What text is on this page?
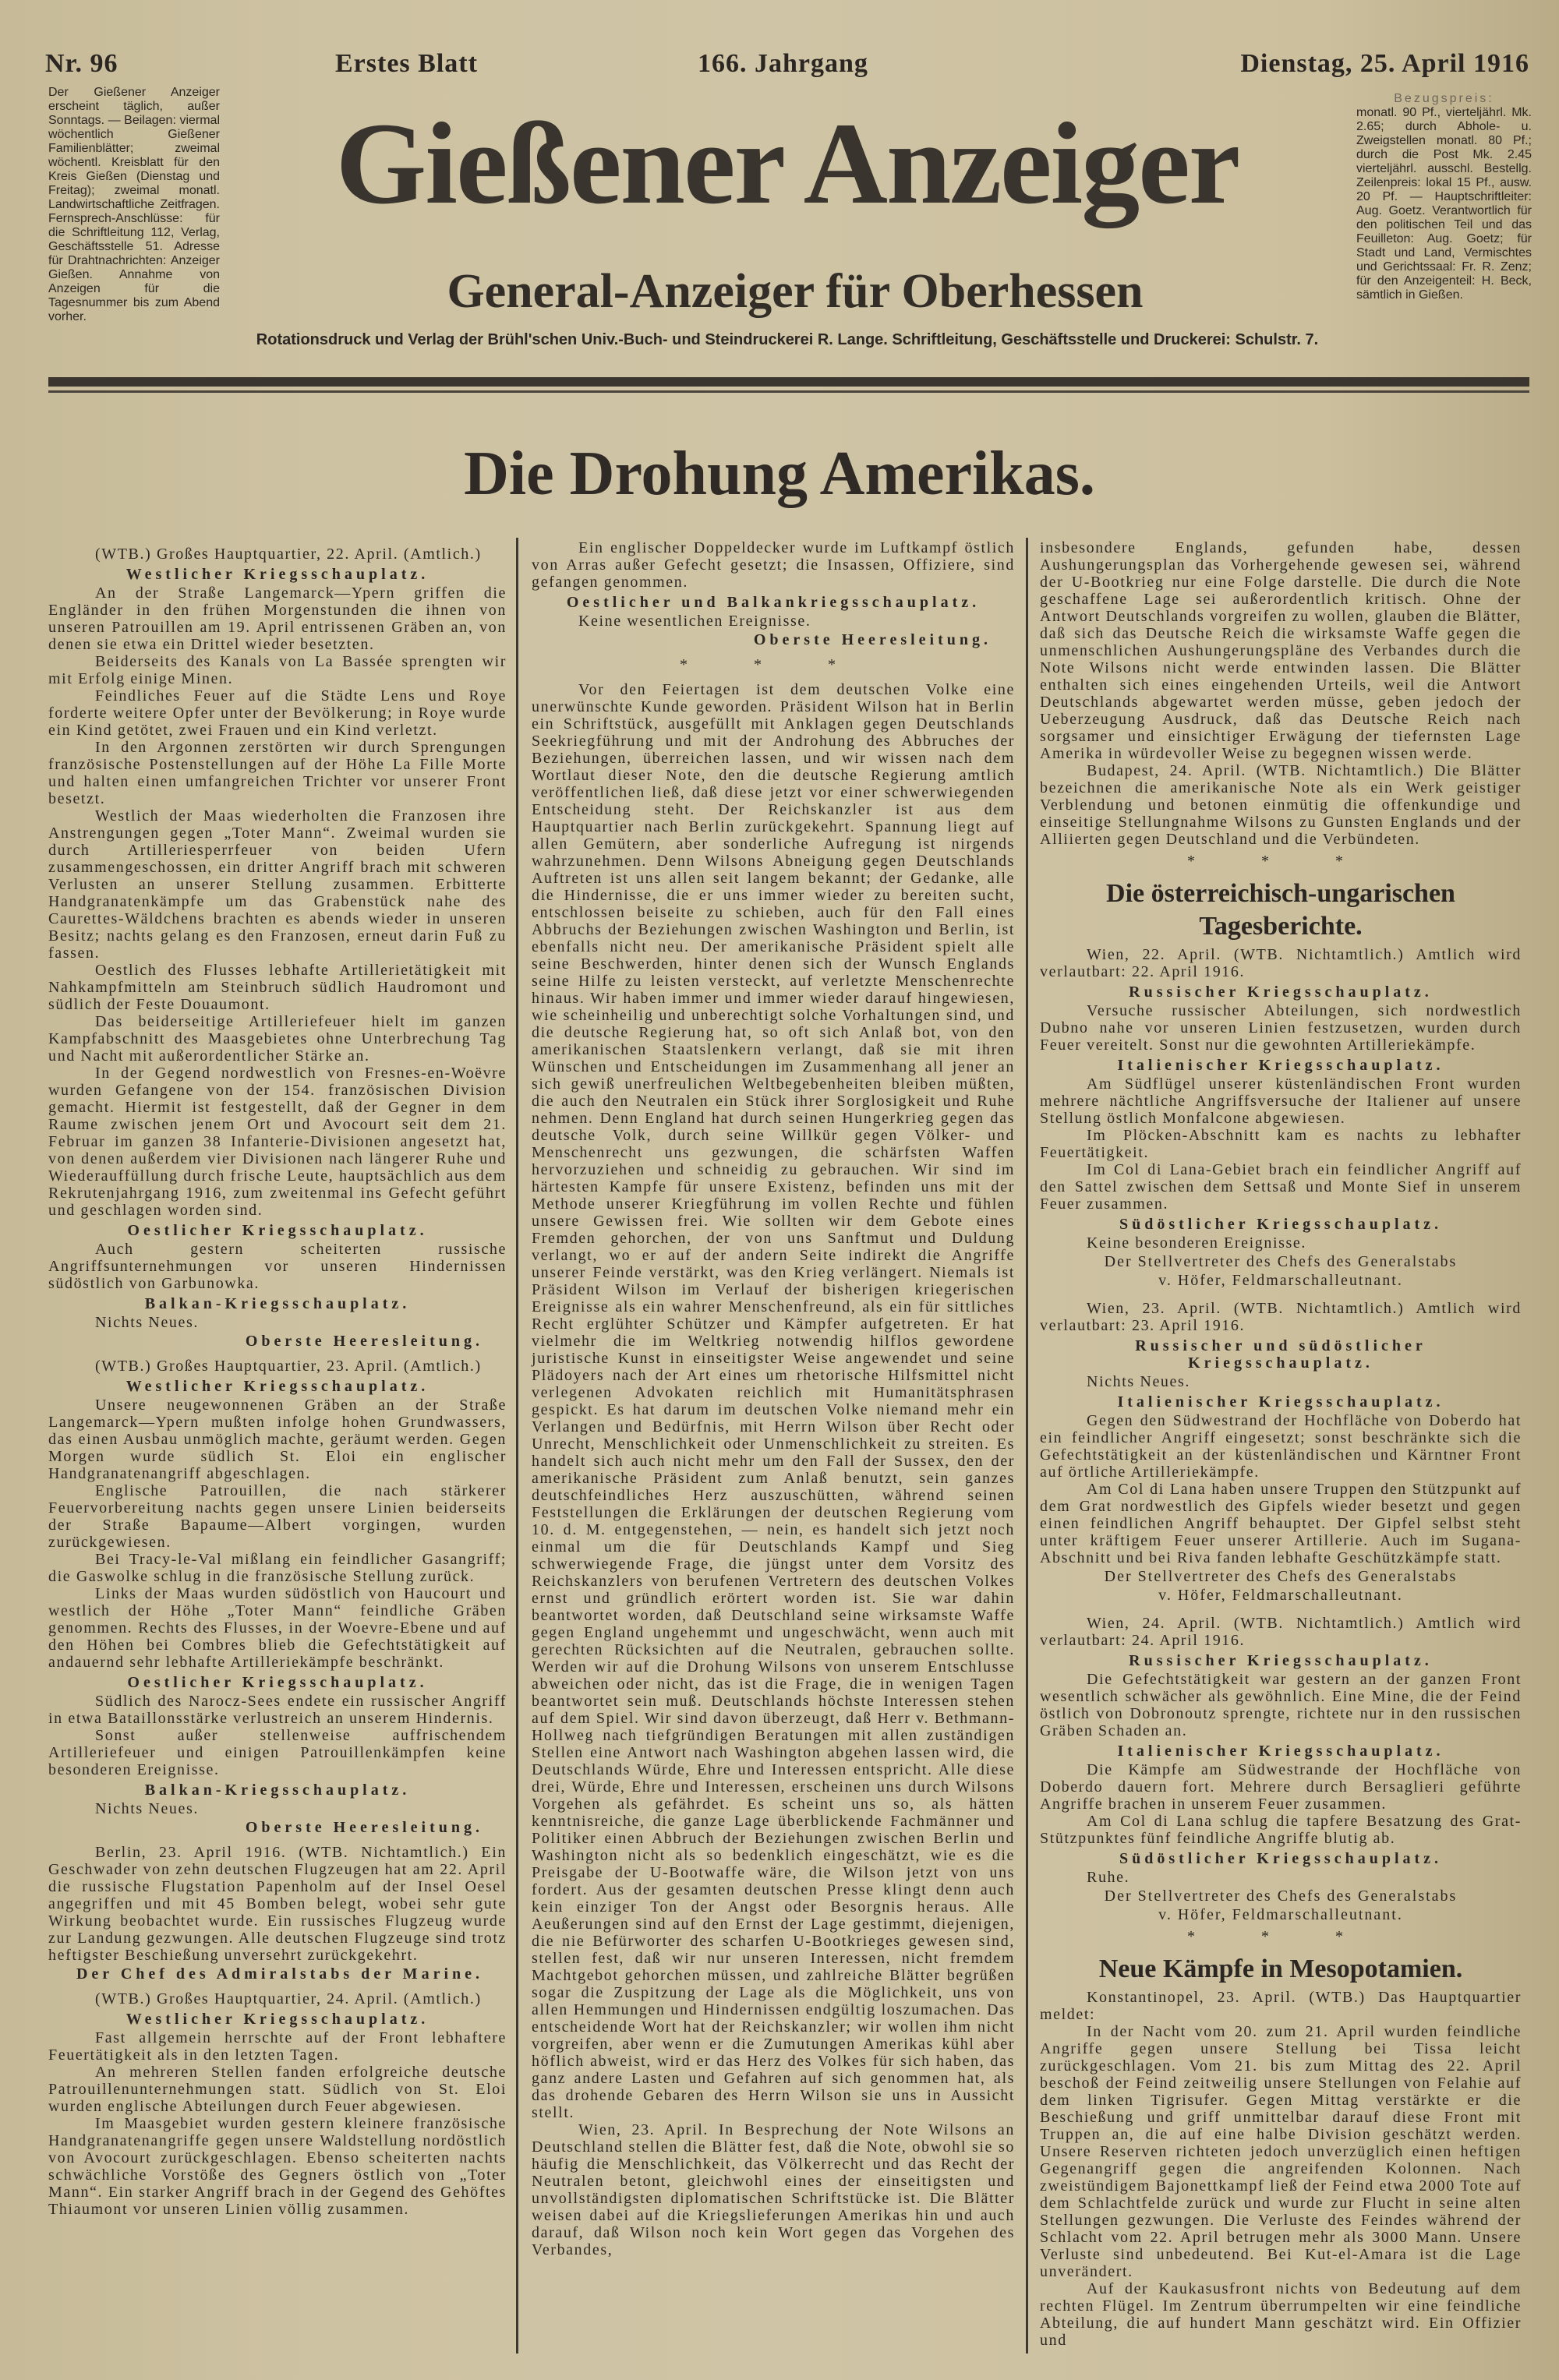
Nr. 96	Erstes Blatt	166. Jahrgang	Dienstag, 25. April 1916
Der Gießener Anzeiger erscheint täglich, außer Sonntags. — Beilagen: viermal wöchentlich Gießener Familienblätter; zweimal wöchentl. Kreisblatt für den Kreis Gießen (Dienstag und Freitag); zweimal monatl. Landwirtschaftliche Zeitfragen. Fernsprech-Anschlüsse: für die Schriftleitung 112, Verlag, Geschäftsstelle 51. Adresse für Drahtnachrichten: Anzeiger Gießen. Annahme von Anzeigen für die Tagesnummer bis zum Abend vorher.
Bezugspreis:
monatl. 90 Pf., vierteljährl. Mk. 2.65; durch Abhole- u. Zweigstellen monatl. 80 Pf.; durch die Post Mk. 2.45 vierteljährl. ausschl. Bestellg. Zeilenpreis: lokal 15 Pf., ausw. 20 Pf. — Hauptschriftleiter: Aug. Goetz. Verantwortlich für den politischen Teil und das Feuilleton: Aug. Goetz; für Stadt und Land, Vermischtes und Gerichtssaal: Fr. R. Zenz; für den Anzeigenteil: H. Beck, sämtlich in Gießen.
Gießener Anzeiger
General-Anzeiger für Oberhessen
Rotationsdruck und Verlag der Brühl'schen Univ.-Buch- und Steindruckerei R. Lange. Schriftleitung, Geschäftsstelle und Druckerei: Schulstr. 7.
Die Drohung Amerikas.

(WTB.) Großes Hauptquartier, 22. April. (Amtlich.)

Westlicher Kriegsschauplatz.

An der Straße Langemarck—Ypern griffen die Engländer in den frühen Morgenstunden die ihnen von unseren Patrouillen am 19. April entrissenen Gräben an, von denen sie etwa ein Drittel wieder besetzten.

Beiderseits des Kanals von La Bassée sprengten wir mit Erfolg einige Minen.

Feindliches Feuer auf die Städte Lens und Roye forderte weitere Opfer unter der Bevölkerung; in Roye wurde ein Kind getötet, zwei Frauen und ein Kind verletzt.

In den Argonnen zerstörten wir durch Sprengungen französische Postenstellungen auf der Höhe La Fille Morte und halten einen umfangreichen Trichter vor unserer Front besetzt.

Westlich der Maas wiederholten die Franzosen ihre Anstrengungen gegen „Toter Mann“. Zweimal wurden sie durch Artilleriesperrfeuer von beiden Ufern zusammengeschossen, ein dritter Angriff brach mit schweren Verlusten an unserer Stellung zusammen. Erbitterte Handgranatenkämpfe um das Grabenstück nahe des Caurettes-Wäldchens brachten es abends wieder in unseren Besitz; nachts gelang es den Franzosen, erneut darin Fuß zu fassen.

Oestlich des Flusses lebhafte Artillerietätigkeit mit Nahkampfmitteln am Steinbruch südlich Haudromont und südlich der Feste Douaumont.

Das beiderseitige Artilleriefeuer hielt im ganzen Kampfabschnitt des Maasgebietes ohne Unterbrechung Tag und Nacht mit außerordentlicher Stärke an.

In der Gegend nordwestlich von Fresnes-en-Woëvre wurden Gefangene von der 154. französischen Division gemacht. Hiermit ist festgestellt, daß der Gegner in dem Raume zwischen jenem Ort und Avocourt seit dem 21. Februar im ganzen 38 Infanterie-Divisionen angesetzt hat, von denen außerdem vier Divisionen nach längerer Ruhe und Wiederauffüllung durch frische Leute, hauptsächlich aus dem Rekrutenjahrgang 1916, zum zweitenmal ins Gefecht geführt und geschlagen worden sind.

Oestlicher Kriegsschauplatz.

Auch gestern scheiterten russische Angriffsunternehmungen vor unseren Hindernissen südöstlich von Garbunowka.

Balkan-Kriegsschauplatz.

Nichts Neues.

Oberste Heeresleitung.

(WTB.) Großes Hauptquartier, 23. April. (Amtlich.)

Westlicher Kriegsschauplatz.

Unsere neugewonnenen Gräben an der Straße Langemarck—Ypern mußten infolge hohen Grundwassers, das einen Ausbau unmöglich machte, geräumt werden. Gegen Morgen wurde südlich St. Eloi ein englischer Handgranatenangriff abgeschlagen.

Englische Patrouillen, die nach stärkerer Feuervorbereitung nachts gegen unsere Linien beiderseits der Straße Bapaume—Albert vorgingen, wurden zurückgewiesen.

Bei Tracy-le-Val mißlang ein feindlicher Gasangriff; die Gaswolke schlug in die französische Stellung zurück.

Links der Maas wurden südöstlich von Haucourt und westlich der Höhe „Toter Mann“ feindliche Gräben genommen. Rechts des Flusses, in der Woevre-Ebene und auf den Höhen bei Combres blieb die Gefechtstätigkeit auf andauernd sehr lebhafte Artilleriekämpfe beschränkt.

Oestlicher Kriegsschauplatz.

Südlich des Narocz-Sees endete ein russischer Angriff in etwa Bataillonsstärke verlustreich an unserem Hindernis.

Sonst außer stellenweise auffrischendem Artilleriefeuer und einigen Patrouillenkämpfen keine besonderen Ereignisse.

Balkan-Kriegsschauplatz.

Nichts Neues.

Oberste Heeresleitung.

Berlin, 23. April 1916. (WTB. Nichtamtlich.) Ein Geschwader von zehn deutschen Flugzeugen hat am 22. April die russische Flugstation Papenholm auf der Insel Oesel angegriffen und mit 45 Bomben belegt, wobei sehr gute Wirkung beobachtet wurde. Ein russisches Flugzeug wurde zur Landung gezwungen. Alle deutschen Flugzeuge sind trotz heftigster Beschießung unversehrt zurückgekehrt.

Der Chef des Admiralstabs der Marine.

(WTB.) Großes Hauptquartier, 24. April. (Amtlich.)

Westlicher Kriegsschauplatz.

Fast allgemein herrschte auf der Front lebhaftere Feuertätigkeit als in den letzten Tagen.

An mehreren Stellen fanden erfolgreiche deutsche Patrouillenunternehmungen statt. Südlich von St. Eloi wurden englische Abteilungen durch Feuer abgewiesen.

Im Maasgebiet wurden gestern kleinere französische Handgranatenangriffe gegen unsere Waldstellung nordöstlich von Avocourt zurückgeschlagen. Ebenso scheiterten nachts schwächliche Vorstöße des Gegners östlich von „Toter Mann“. Ein starker Angriff brach in der Gegend des Gehöftes Thiaumont vor unseren Linien völlig zusammen.

Ein englischer Doppeldecker wurde im Luftkampf östlich von Arras außer Gefecht gesetzt; die Insassen, Offiziere, sind gefangen genommen.

Oestlicher und Balkankriegsschauplatz.

Keine wesentlichen Ereignisse.

Oberste Heeresleitung.
* * *

Vor den Feiertagen ist dem deutschen Volke eine unerwünschte Kunde geworden. Präsident Wilson hat in Berlin ein Schriftstück, ausgefüllt mit Anklagen gegen Deutschlands Seekriegführung und mit der Androhung des Abbruches der Beziehungen, überreichen lassen, und wir wissen nach dem Wortlaut dieser Note, den die deutsche Regierung amtlich veröffentlichen ließ, daß diese jetzt vor einer schwerwiegenden Entscheidung steht. Der Reichskanzler ist aus dem Hauptquartier nach Berlin zurückgekehrt. Spannung liegt auf allen Gemütern, aber sonderliche Aufregung ist nirgends wahrzunehmen. Denn Wilsons Abneigung gegen Deutschlands Auftreten ist uns allen seit langem bekannt; der Gedanke, alle die Hindernisse, die er uns immer wieder zu bereiten sucht, entschlossen beiseite zu schieben, auch für den Fall eines Abbruchs der Beziehungen zwischen Washington und Berlin, ist ebenfalls nicht neu. Der amerikanische Präsident spielt alle seine Beschwerden, hinter denen sich der Wunsch Englands seine Hilfe zu leisten versteckt, auf verletzte Menschenrechte hinaus. Wir haben immer und immer wieder darauf hingewiesen, wie scheinheilig und unberechtigt solche Vorhaltungen sind, und die deutsche Regierung hat, so oft sich Anlaß bot, von den amerikanischen Staatslenkern verlangt, daß sie mit ihren Wünschen und Entscheidungen im Zusammenhang all jener an sich gewiß unerfreulichen Weltbegebenheiten bleiben müßten, die auch den Neutralen ein Stück ihrer Sorglosigkeit und Ruhe nehmen. Denn England hat durch seinen Hungerkrieg gegen das deutsche Volk, durch seine Willkür gegen Völker- und Menschenrecht uns gezwungen, die schärfsten Waffen hervorzuziehen und schneidig zu gebrauchen. Wir sind im härtesten Kampfe für unsere Existenz, befinden uns mit der Methode unserer Kriegführung im vollen Rechte und fühlen unsere Gewissen frei. Wie sollten wir dem Gebote eines Fremden gehorchen, der von uns Sanftmut und Duldung verlangt, wo er auf der andern Seite indirekt die Angriffe unserer Feinde verstärkt, was den Krieg verlängert. Niemals ist Präsident Wilson im Verlauf der bisherigen kriegerischen Ereignisse als ein wahrer Menschenfreund, als ein für sittliches Recht erglühter Schützer und Kämpfer aufgetreten. Er hat vielmehr die im Weltkrieg notwendig hilflos gewordene juristische Kunst in einseitigster Weise angewendet und seine Plädoyers nach der Art eines um rhetorische Hilfsmittel nicht verlegenen Advokaten reichlich mit Humanitätsphrasen gespickt. Es hat darum im deutschen Volke niemand mehr ein Verlangen und Bedürfnis, mit Herrn Wilson über Recht oder Unrecht, Menschlichkeit oder Unmenschlichkeit zu streiten. Es handelt sich auch nicht mehr um den Fall der Sussex, den der amerikanische Präsident zum Anlaß benutzt, sein ganzes deutschfeindliches Herz auszuschütten, während seinen Feststellungen die Erklärungen der deutschen Regierung vom 10. d. M. entgegenstehen, — nein, es handelt sich jetzt noch einmal um die für Deutschlands Kampf und Sieg schwerwiegende Frage, die jüngst unter dem Vorsitz des Reichskanzlers von berufenen Vertretern des deutschen Volkes ernst und gründlich erörtert worden ist. Sie war dahin beantwortet worden, daß Deutschland seine wirksamste Waffe gegen England ungehemmt und ungeschwächt, wenn auch mit gerechten Rücksichten auf die Neutralen, gebrauchen sollte. Werden wir auf die Drohung Wilsons von unserem Entschlusse abweichen oder nicht, das ist die Frage, die in wenigen Tagen beantwortet sein muß. Deutschlands höchste Interessen stehen auf dem Spiel. Wir sind davon überzeugt, daß Herr v. Bethmann-Hollweg nach tiefgründigen Beratungen mit allen zuständigen Stellen eine Antwort nach Washington abgehen lassen wird, die Deutschlands Würde, Ehre und Interessen entspricht. Alle diese drei, Würde, Ehre und Interessen, erscheinen uns durch Wilsons Vorgehen als gefährdet. Es scheint uns so, als hätten kenntnisreiche, die ganze Lage überblickende Fachmänner und Politiker einen Abbruch der Beziehungen zwischen Berlin und Washington nicht als so bedenklich eingeschätzt, wie es die Preisgabe der U-Bootwaffe wäre, die Wilson jetzt von uns fordert. Aus der gesamten deutschen Presse klingt denn auch kein einziger Ton der Angst oder Besorgnis heraus. Alle Aeußerungen sind auf den Ernst der Lage gestimmt, diejenigen, die nie Befürworter des scharfen U-Bootkrieges gewesen sind, stellen fest, daß wir nur unseren Interessen, nicht fremdem Machtgebot gehorchen müssen, und zahlreiche Blätter begrüßen sogar die Zuspitzung der Lage als die Möglichkeit, uns von allen Hemmungen und Hindernissen endgültig loszumachen. Das entscheidende Wort hat der Reichskanzler; wir wollen ihm nicht vorgreifen, aber wenn er die Zumutungen Amerikas kühl aber höflich abweist, wird er das Herz des Volkes für sich haben, das ganz andere Lasten und Gefahren auf sich genommen hat, als das drohende Gebaren des Herrn Wilson sie uns in Aussicht stellt.

Wien, 23. April. In Besprechung der Note Wilsons an Deutschland stellen die Blätter fest, daß die Note, obwohl sie so häufig die Menschlichkeit, das Völkerrecht und das Recht der Neutralen betont, gleichwohl eines der einseitigsten und unvollständigsten diplomatischen Schriftstücke ist. Die Blätter weisen dabei auf die Kriegslieferungen Amerikas hin und auch darauf, daß Wilson noch kein Wort gegen das Vorgehen des Verbandes,

insbesondere Englands, gefunden habe, dessen Aushungerungsplan das Vorhergehende gewesen sei, während der U-Bootkrieg nur eine Folge darstelle. Die durch die Note geschaffene Lage sei außerordentlich kritisch. Ohne der Antwort Deutschlands vorgreifen zu wollen, glauben die Blätter, daß sich das Deutsche Reich die wirksamste Waffe gegen die unmenschlichen Aushungerungspläne des Verbandes durch die Note Wilsons nicht werde entwinden lassen. Die Blätter enthalten sich eines eingehenden Urteils, weil die Antwort Deutschlands abgewartet werden müsse, geben jedoch der Ueberzeugung Ausdruck, daß das Deutsche Reich nach sorgsamer und einsichtiger Erwägung der tiefernsten Lage Amerika in würdevoller Weise zu begegnen wissen werde.

Budapest, 24. April. (WTB. Nichtamtlich.) Die Blätter bezeichnen die amerikanische Note als ein Werk geistiger Verblendung und betonen einmütig die offenkundige und einseitige Stellungnahme Wilsons zu Gunsten Englands und der Alliierten gegen Deutschland und die Verbündeten.

* * *
Die österreichisch-ungarischen Tagesberichte.

Wien, 22. April. (WTB. Nichtamtlich.) Amtlich wird verlautbart: 22. April 1916.

Russischer Kriegsschauplatz.

Versuche russischer Abteilungen, sich nordwestlich Dubno nahe vor unseren Linien festzusetzen, wurden durch Feuer vereitelt. Sonst nur die gewohnten Artilleriekämpfe.

Italienischer Kriegsschauplatz.

Am Südflügel unserer küstenländischen Front wurden mehrere nächtliche Angriffsversuche der Italiener auf unsere Stellung östlich Monfalcone abgewiesen.

Im Plöcken-Abschnitt kam es nachts zu lebhafter Feuertätigkeit.

Im Col di Lana-Gebiet brach ein feindlicher Angriff auf den Sattel zwischen dem Settsaß und Monte Sief in unserem Feuer zusammen.

Südöstlicher Kriegsschauplatz.

Keine besonderen Ereignisse.

Der Stellvertreter des Chefs des Generalstabs
v. Höfer, Feldmarschalleutnant.

Wien, 23. April. (WTB. Nichtamtlich.) Amtlich wird verlautbart: 23. April 1916.

Russischer und südöstlicher Kriegsschauplatz.

Nichts Neues.

Italienischer Kriegsschauplatz.

Gegen den Südwestrand der Hochfläche von Doberdo hat ein feindlicher Angriff eingesetzt; sonst beschränkte sich die Gefechtstätigkeit an der küstenländischen und Kärntner Front auf örtliche Artilleriekämpfe.

Am Col di Lana haben unsere Truppen den Stützpunkt auf dem Grat nordwestlich des Gipfels wieder besetzt und gegen einen feindlichen Angriff behauptet. Der Gipfel selbst steht unter kräftigem Feuer unserer Artillerie. Auch im Sugana-Abschnitt und bei Riva fanden lebhafte Geschützkämpfe statt.

Der Stellvertreter des Chefs des Generalstabs
v. Höfer, Feldmarschalleutnant.

Wien, 24. April. (WTB. Nichtamtlich.) Amtlich wird verlautbart: 24. April 1916.

Russischer Kriegsschauplatz.

Die Gefechtstätigkeit war gestern an der ganzen Front wesentlich schwächer als gewöhnlich. Eine Mine, die der Feind östlich von Dobronoutz sprengte, richtete nur in den russischen Gräben Schaden an.

Italienischer Kriegsschauplatz.

Die Kämpfe am Südwestrande der Hochfläche von Doberdo dauern fort. Mehrere durch Bersaglieri geführte Angriffe brachen in unserem Feuer zusammen.

Am Col di Lana schlug die tapfere Besatzung des Grat-Stützpunktes fünf feindliche Angriffe blutig ab.

Südöstlicher Kriegsschauplatz.

Ruhe.

Der Stellvertreter des Chefs des Generalstabs
v. Höfer, Feldmarschalleutnant.
* * *
Neue Kämpfe in Mesopotamien.

Konstantinopel, 23. April. (WTB.) Das Hauptquartier meldet:

In der Nacht vom 20. zum 21. April wurden feindliche Angriffe gegen unsere Stellung bei Tissa leicht zurückgeschlagen. Vom 21. bis zum Mittag des 22. April beschoß der Feind zeitweilig unsere Stellungen von Felahie auf dem linken Tigrisufer. Gegen Mittag verstärkte er die Beschießung und griff unmittelbar darauf diese Front mit Truppen an, die auf eine halbe Division geschätzt werden. Unsere Reserven richteten jedoch unverzüglich einen heftigen Gegenangriff gegen die angreifenden Kolonnen. Nach zweistündigem Bajonettkampf ließ der Feind etwa 2000 Tote auf dem Schlachtfelde zurück und wurde zur Flucht in seine alten Stellungen gezwungen. Die Verluste des Feindes während der Schlacht vom 22. April betrugen mehr als 3000 Mann. Unsere Verluste sind unbedeutend. Bei Kut-el-Amara ist die Lage unverändert.

Auf der Kaukasusfront nichts von Bedeutung auf dem rechten Flügel. Im Zentrum überrumpelten wir eine feindliche Abteilung, die auf hundert Mann geschätzt wird. Ein Offizier und
